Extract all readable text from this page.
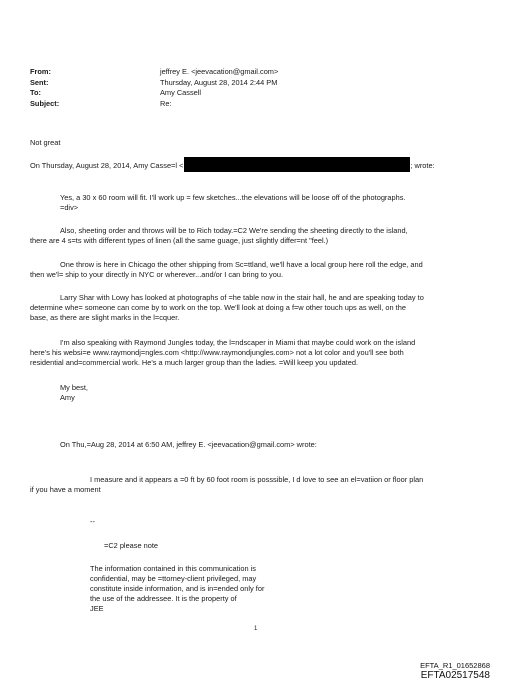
From:	jeffrey E. <jeevacation@gmail.com>
Sent:	Thursday, August 28, 2014 2:44 PM
To:	Amy Cassell
Subject:	Re:
Not great
On Thursday, August 28, 2014, Amy Casse=l <	; wrote:
Yes, a 30 x 60 room will fit. I'll work up = few sketches...the elevations will be loose off of the photographs.
=div>
Also, sheeting order and throws will be to Rich today.=C2 We're sending the sheeting directly to the island,
there are 4 s=ts with different types of linen (all the same guage, just slightly differ=nt "feel.)
One throw is here in Chicago the other shipping from Sc=ttland, we'll have a local group here roll the edge, and
then we'l= ship to your directly in NYC or wherever...and/or I can bring to you.
Larry Shar with Lowy has looked at photographs of =he table now in the stair hall, he and are speaking today to
determine whe= someone can come by to work on the top. We'll look at doing a f=w other touch ups as well, on the
base, as there are slight marks in the l=cquer.
I'm also speaking with Raymond Jungles today, the l=ndscaper in Miami that maybe could work on the island
here's his websi=e www.raymondj=ngles.com <http://www.raymondjungles.com> not a lot color and you'll see both
residential and=commercial work. He's a much larger group than the ladies. =Will keep you updated.
My best,
Amy
On Thu,=Aug 28, 2014 at 6:50 AM, jeffrey E. <jeevacation@gmail.com> wrote:
I measure and it appears a =0 ft by 60 foot room is posssible, I d love to see an el=vatiion or floor plan
if you have a moment
--
=C2 please note
The information contained in this communication is
confidential, may be =ttorney-client privileged, may
constitute inside information, and is in=ended only for
the use of the addressee. It is the property of
JEE
1
EFTA_R1_01652868
EFTA02517548
